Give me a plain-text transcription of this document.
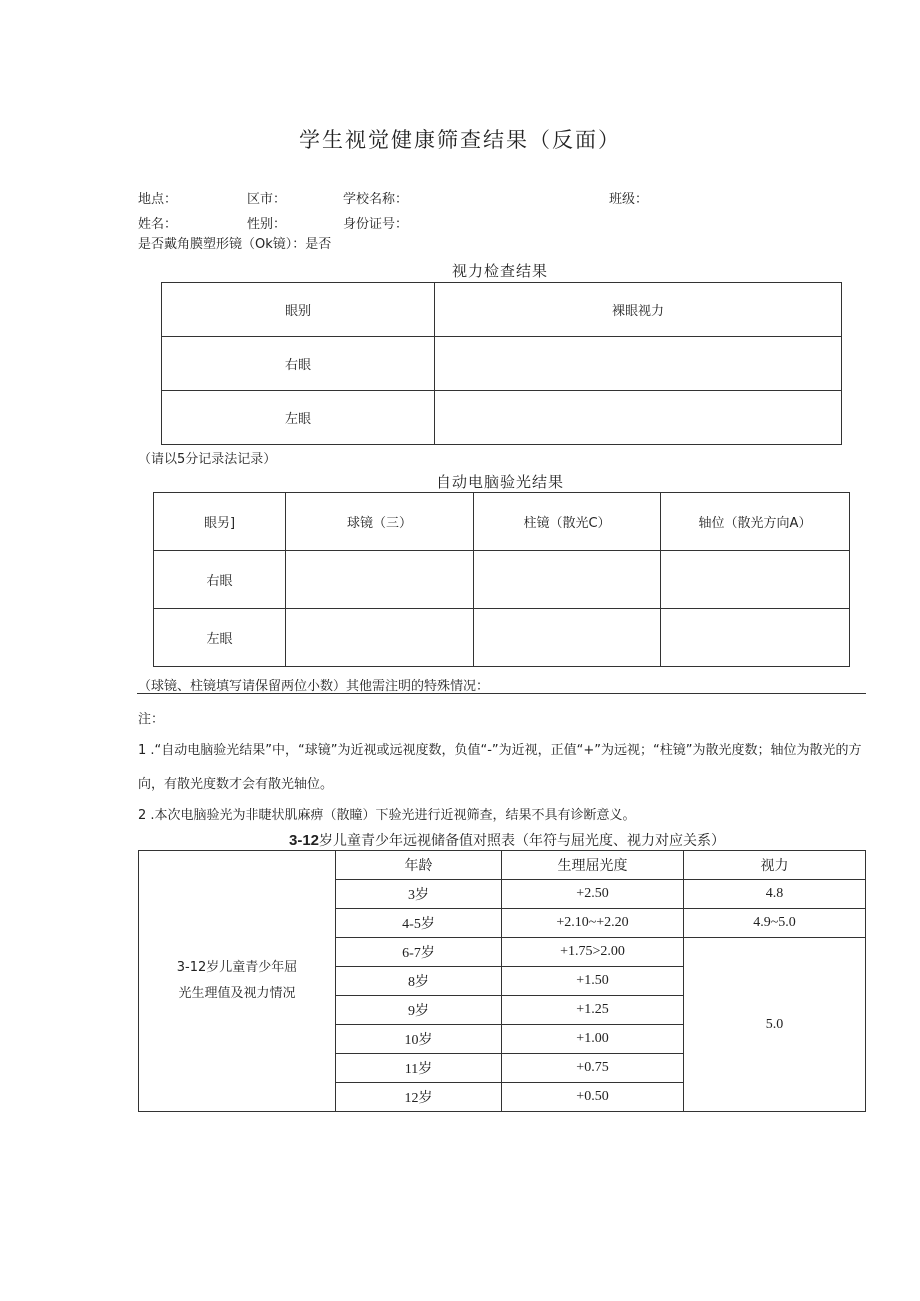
学生视觉健康筛查结果（反面）
地点：	区市：	学校名称：	班级：
姓名：	性别：	身份证号：
是否戴角膜塑形镜（Ok镜）：是否
视力检查结果
眼别	裸眼视力
右眼	
左眼	
（请以5分记录法记录）
自动电脑验光结果
眼另]	球镜（三）	柱镜（散光C）	轴位（散光方向A）
右眼			
左眼			
（球镜、柱镜填写请保留两位小数）其他需注明的特殊情况：
注：
1 .“自动电脑验光结果”中，“球镜”为近视或远视度数，负值“-”为近视，正值“+”为远视；“柱镜”为散光度数；轴位为散光的方向，有散光度数才会有散光轴位。
2 .本次电脑验光为非睫状肌麻痹（散瞳）下验光进行近视筛查，结果不具有诊断意义。
3-12岁儿童青少年远视储备值对照表（年符与屈光度、视力对应关系）
3-12岁儿童青少年屈光生理值及视力情况	年龄	生理屈光度	视力
	3岁	+2.50	4.8
	4-5岁	+2.10~+2.20	4.9~5.0
	6-7岁	+1.75>2.00	5.0
	8岁	+1.50	
	9岁	+1.25	
	10岁	+1.00	
	11岁	+0.75	
	12岁	+0.50	
